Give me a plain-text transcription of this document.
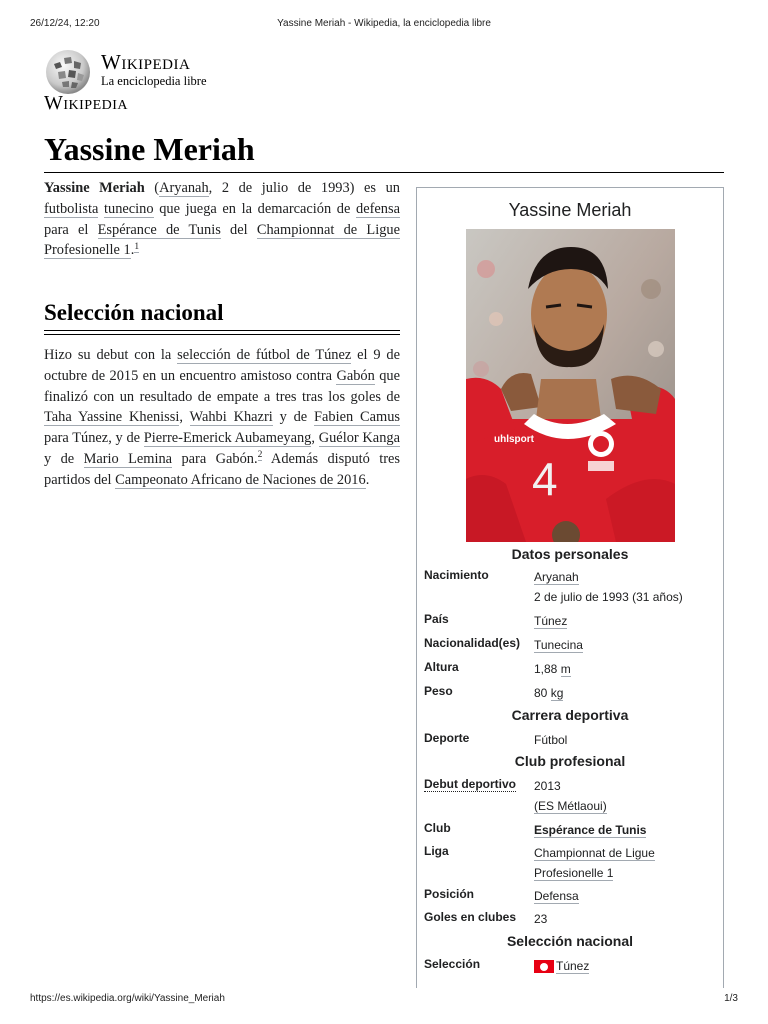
26/12/24, 12:20	Yassine Meriah - Wikipedia, la enciclopedia libre
Wikipedia
La enciclopedia libre
Wikipedia
Yassine Meriah

Yassine Meriah (Aryanah, 2 de julio de 1993) es un futbolista tunecino que juega en la demarcación de defensa para el Espérance de Tunis del Championnat de Ligue Profesionelle 1.$^1$

Selección nacional

Hizo su debut con la selección de fútbol de Túnez el 9 de octubre de 2015 en un encuentro amistoso contra Gabón que finalizó con un resultado de empate a tres tras los goles de Taha Yassine Khenissi, Wahbi Khazri y de Fabien Camus para Túnez, y de Pierre-Emerick Aubameyang, Guélor Kanga y de Mario Lemina para Gabón.$^2$ Además disputó tres partidos del Campeonato Africano de Naciones de 2016.

Yassine Meriah
uhlsport
4
Datos personales
Nacimiento	Aryanah
2 de julio de 1993 (31 años)
País	Túnez
Nacionalidad(es) Tunecina
Altura	1,88 m
Peso	80 kg
Carrera deportiva
Deporte	Fútbol
Club profesional
Debut deportivo 2013
(ES Métlaoui)
Club	Espérance de Tunis
Liga	Championnat de Ligue
Profesionelle 1
Posición	Defensa
Goles en clubes 23
Selección nacional
Selección	Túnez
https://es.wikipedia.org/wiki/Yassine_Meriah	1/3
